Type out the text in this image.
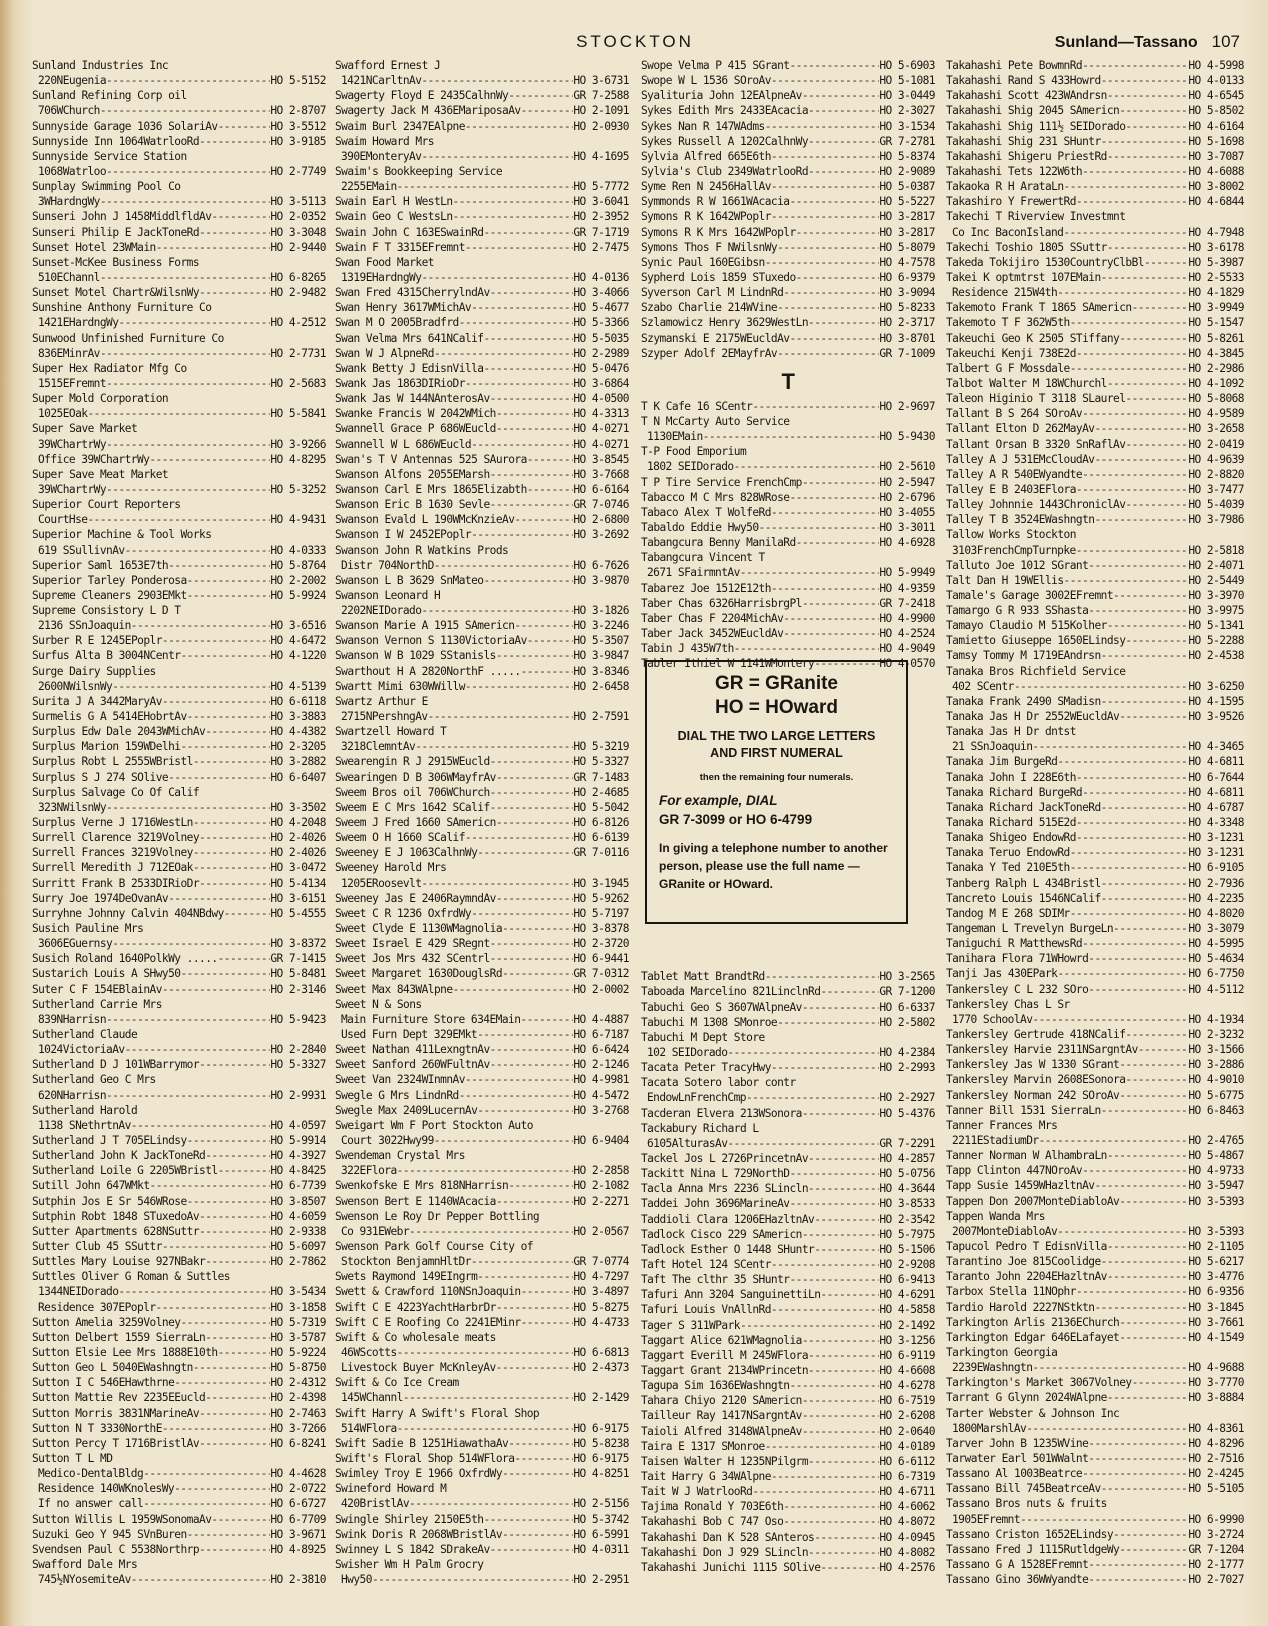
STOCKTON	Sunland—Tassano 107
Sunland Industries Inc
220NEugenia -----	HO 5-5152
Sunland Refining Corp oil
706WChurch -----	HO 2-8707
Sunnyside Garage 1036 SolariAv -----	HO 3-5512
Sunnyside Inn 1064WatrlooRd -----	HO 3-9185
Sunnyside Service Station
1068Watrloo -----	HO 2-7749
Sunplay Swimming Pool Co
3WHardngWy -----	HO 3-5113
Sunseri John J 1458MiddlfldAv -----	HO 2-0352
Sunseri Philip E JackToneRd -----	HO 3-3048
Sunset Hotel 23WMain -----	HO 2-9440
Sunset-McKee Business Forms
510EChannl -----	HO 6-8265
Sunset Motel Chartr&WilsnWy -----	HO 2-9482
Sunshine Anthony Furniture Co
1421EHardngWy -----	HO 4-2512
Sunwood Unfinished Furniture Co
836EMinrAv -----	HO 2-7731
Super Hex Radiator Mfg Co
1515EFremnt -----	HO 2-5683
Super Mold Corporation
1025EOak -----	HO 5-5841
Super Save Market
39WChartrWy -----	HO 3-9266
Office 39WChartrWy -----	HO 4-8295
Super Save Meat Market
39WChartrWy -----	HO 5-3252
Superior Court Reporters
CourtHse -----	HO 4-9431
Superior Machine & Tool Works
619 SSullivnAv -----	HO 4-0333
Superior Saml 1653E7th -----	HO 5-8764
Superior Tarley Ponderosa -----	HO 2-2002
Supreme Cleaners 2903EMkt -----	HO 5-9924
Supreme Consistory L D T
2136 SSnJoaquin -----	HO 3-6516
Surber R E 1245EPoplr -----	HO 4-6472
Surfus Alta B 3004NCentr -----	HO 4-1220
Surge Dairy Supplies
2600NWilsnWy -----	HO 4-5139
Surita J A 3442MaryAv -----	HO 6-6118
Surmelis G A 5414EHobrtAv -----	HO 3-3883
Surplus Edw Dale 2043WMichAv -----	HO 4-4382
Surplus Marion 159WDelhi -----	HO 2-3205
Surplus Robt L 2555WBristl -----	HO 3-2882
Surplus S J 274 SOlive -----	HO 6-6407
Surplus Salvage Co Of Calif
323NWilsnWy -----	HO 3-3502
Surplus Verne J 1716WestLn -----	HO 4-2048
Surrell Clarence 3219Volney -----	HO 2-4026
Surrell Frances 3219Volney -----	HO 2-4026
Surrell Meredith J 712EOak -----	HO 3-0472
Surritt Frank B 2533DIRioDr -----	HO 5-4134
Surry Joe 1974DeOvanAv -----	HO 3-6151
Surryhne Johnny Calvin 404NBdwy -----	HO 5-4555
Susich Pauline Mrs
3606EGuernsy -----	HO 3-8372
Susich Roland 1640PolkWy ..... -----	GR 7-1415
Sustarich Louis A SHwy50 -----	HO 5-8481
Suter C F 154EBlainAv -----	HO 2-3146
Sutherland Carrie Mrs
839NHarrisn -----	HO 5-9423
Sutherland Claude
1024VictoriaAv -----	HO 2-2840
Sutherland D J 101WBarrymor -----	HO 5-3327
Sutherland Geo C Mrs
620NHarrisn -----	HO 2-9931
Sutherland Harold
1138 SNethrtnAv -----	HO 4-0597
Sutherland J T 705ELindsy -----	HO 5-9914
Sutherland John K JackToneRd -----	HO 4-3927
Sutherland Loile G 2205WBristl -----	HO 4-8425
Sutill John 647WMkt -----	HO 6-7739
Sutphin Jos E Sr 546WRose -----	HO 3-8507
Sutphin Robt 1848 STuxedoAv -----	HO 4-6059
Sutter Apartments 628NSuttr -----	HO 2-9338
Sutter Club 45 SSuttr -----	HO 5-6097
Suttles Mary Louise 927NBakr -----	HO 2-7862
Suttles Oliver G Roman & Suttles
1344NEIDorado -----	HO 3-5434
Residence 307EPoplr -----	HO 3-1858
Sutton Amelia 3259Volney -----	HO 5-7319
Sutton Delbert 1559 SierraLn -----	HO 3-5787
Sutton Elsie Lee Mrs 1888E10th -----	HO 5-9224
Sutton Geo L 5040EWashngtn -----	HO 5-8750
Sutton I C 546EHawthrne -----	HO 2-4312
Sutton Mattie Rev 2235EEucld -----	HO 2-4398
Sutton Morris 3831NMarineAv -----	HO 2-7463
Sutton N T 3330NorthE -----	HO 3-7266
Sutton Percy T 1716BristlAv -----	HO 6-8241
Sutton T L MD
Medico-DentalBldg -----	HO 4-4628
Residence 140WKnolesWy -----	HO 2-0722
If no answer call -----	HO 6-6727
Sutton Willis L 1959WSonomaAv -----	HO 6-7709
Suzuki Geo Y 945 SVnBuren -----	HO 3-9671
Svendsen Paul C 5538Northrp -----	HO 4-8925
Swafford Dale Mrs
745½NYosemiteAv -----	HO 2-3810
Swafford Ernest J
1421NCarltnAv -----	HO 3-6731
Swagerty Floyd E 2435CalhnWy -----	GR 7-2588
Swagerty Jack M 436EMariposaAv -----	HO 2-1091
Swaim Burl 2347EAlpne -----	HO 2-0930
Swaim Howard Mrs
390EMonteryAv -----	HO 4-1695
Swaim's Bookkeeping Service
2255EMain -----	HO 5-7772
Swain Earl H WestLn -----	HO 3-6041
Swain Geo C WestsLn -----	HO 2-3952
Swain John C 163ESwainRd -----	GR 7-1719
Swain F T 3315EFremnt -----	HO 2-7475
Swan Food Market
1319EHardngWy -----	HO 4-0136
Swan Fred 4315CherrylndAv -----	HO 3-4066
Swan Henry 3617WMichAv -----	HO 5-4677
Swan M O 2005Bradfrd -----	HO 5-3366
Swan Velma Mrs 641NCalif -----	HO 5-5035
Swan W J AlpneRd -----	HO 2-2989
Swank Betty J EdisnVilla -----	HO 5-0476
Swank Jas 1863DIRioDr -----	HO 3-6864
Swank Jas W 144NAnterosAv -----	HO 4-0500
Swanke Francis W 2042WMich -----	HO 4-3313
Swannell Grace P 686WEucld -----	HO 4-0271
Swannell W L 686WEucld -----	HO 4-0271
Swan's T V Antennas 525 SAurora -----	HO 3-8545
Swanson Alfons 2055EMarsh -----	HO 3-7668
Swanson Carl E Mrs 1865Elizabth -----	HO 6-6164
Swanson Eric B 1630 Sevle -----	GR 7-0746
Swanson Evald L 190WMcKnzieAv -----	HO 2-6800
Swanson I W 2452EPoplr -----	HO 3-2692
Swanson John R Watkins Prods
Distr 704NorthD -----	HO 6-7626
Swanson L B 3629 SnMateo -----	HO 3-9870
Swanson Leonard H
2202NEIDorado -----	HO 3-1826
Swanson Marie A 1915 SAmericn -----	HO 3-2246
Swanson Vernon S 1130VictoriaAv -----	HO 5-3507
Swanson W B 1029 SStanisls -----	HO 3-9847
Swarthout H A 2820NorthF ..... -----	HO 3-8346
Swartt Mimi 630WWillw -----	HO 2-6458
Swartz Arthur E
2715NPershngAv -----	HO 2-7591
Swartzell Howard T
3218ClemntAv -----	HO 5-3219
Swearengin R J 2915WEucld -----	HO 5-3327
Swearingen D B 306WMayfrAv -----	GR 7-1483
Sweem Bros oil 706WChurch -----	HO 2-4685
Sweem E C Mrs 1642 SCalif -----	HO 5-5042
Sweem J Fred 1660 SAmericn -----	HO 6-8126
Sweem O H 1660 SCalif -----	HO 6-6139
Sweeney E J 1063CalhnWy -----	GR 7-0116
Sweeney Harold Mrs
1205ERoosevlt -----	HO 3-1945
Sweeney Jas E 2406RaymndAv -----	HO 5-9262
Sweet C R 1236 OxfrdWy -----	HO 5-7197
Sweet Clyde E 1130WMagnolia -----	HO 3-8378
Sweet Israel E 429 SRegnt -----	HO 2-3720
Sweet Jos Mrs 432 SCentrl -----	HO 6-9441
Sweet Margaret 1630DouglsRd -----	GR 7-0312
Sweet Max 843WAlpne -----	HO 2-0002
Sweet N & Sons
Main Furniture Store 634EMain -----	HO 4-4887
Used Furn Dept 329EMkt -----	HO 6-7187
Sweet Nathan 411LexngtnAv -----	HO 6-6424
Sweet Sanford 260WFultnAv -----	HO 2-1246
Sweet Van 2324WInmnAv -----	HO 4-9981
Swegle G Mrs LindnRd -----	HO 4-5472
Swegle Max 2409LucernAv -----	HO 3-2768
Sweigart Wm F Port Stockton Auto
Court 3022Hwy99 -----	HO 6-9404
Swendeman Crystal Mrs
322EFlora -----	HO 2-2858
Swenkofske E Mrs 818NHarrisn -----	HO 2-1082
Swenson Bert E 1140WAcacia -----	HO 2-2271
Swenson Le Roy Dr Pepper Bottling
Co 931EWebr -----	HO 2-0567
Swenson Park Golf Course City of
Stockton BenjamnHltDr -----	GR 7-0774
Swets Raymond 149EIngrm -----	HO 4-7297
Swett & Crawford 110NSnJoaquin -----	HO 3-4897
Swift C E 4223YachtHarbrDr -----	HO 5-8275
Swift C E Roofing Co 2241EMinr -----	HO 4-4733
Swift & Co wholesale meats
46WScotts -----	HO 6-6813
Livestock Buyer McKnleyAv -----	HO 2-4373
Swift & Co Ice Cream
145WChannl -----	HO 2-1429
Swift Harry A Swift's Floral Shop
514WFlora -----	HO 6-9175
Swift Sadie B 1251HiawathaAv -----	HO 5-8238
Swift's Floral Shop 514WFlora -----	HO 6-9175
Swimley Troy E 1966 OxfrdWy -----	HO 4-8251
Swineford Howard M
420BristlAv -----	HO 2-5156
Swingle Shirley 2150E5th -----	HO 5-3742
Swink Doris R 2068WBristlAv -----	HO 6-5991
Swinney L S 1842 SDrakeAv -----	HO 4-0311
Swisher Wm H Palm Grocry
Hwy50 -----	HO 2-2951
Swope Velma P 415 SGrant -----	HO 5-6903
Swope W L 1536 SOroAv -----	HO 5-1081
Syalituria John 12EAlpneAv -----	HO 3-0449
Sykes Edith Mrs 2433EAcacia -----	HO 2-3027
Sykes Nan R 147WAdms -----	HO 3-1534
Sykes Russell A 1202CalhnWy -----	GR 7-2781
Sylvia Alfred 665E6th -----	HO 5-8374
Sylvia's Club 2349WatrlooRd -----	HO 2-9089
Syme Ren N 2456HallAv -----	HO 5-0387
Symmonds R W 1661WAcacia -----	HO 5-5227
Symons R K 1642WPoplr -----	HO 3-2817
Symons R K Mrs 1642WPoplr -----	HO 3-2817
Symons Thos F NWilsnWy -----	HO 5-8079
Synic Paul 160EGibsn -----	HO 4-7578
Sypherd Lois 1859 STuxedo -----	HO 6-9379
Syverson Carl M LindnRd -----	HO 3-9094
Szabo Charlie 214WVine -----	HO 5-8233
Szlamowicz Henry 3629WestLn -----	HO 2-3717
Szymanski E 2175WEucldAv -----	HO 3-8701
Szyper Adolf 2EMayfrAv -----	GR 7-1009
T
T K Cafe 16 SCentr -----	HO 2-9697
T N McCarty Auto Service
1130EMain -----	HO 5-9430
T-P Food Emporium
1802 SEIDorado -----	HO 2-5610
T P Tire Service FrenchCmp -----	HO 2-5947
Tabacco M C Mrs 828WRose -----	HO 2-6796
Tabaco Alex T WolfeRd -----	HO 3-4055
Tabaldo Eddie Hwy50 -----	HO 3-3011
Tabangcura Benny ManilaRd -----	HO 4-6928
Tabangcura Vincent T
2671 SFairmntAv -----	HO 5-9949
Tabarez Joe 1512E12th -----	HO 4-9359
Taber Chas 6326HarrisbrgPl -----	GR 7-2418
Taber Chas F 2204MichAv -----	HO 4-9900
Taber Jack 3452WEucldAv -----	HO 4-2524
Tabin J 435W7th -----	HO 4-9049
Tabler Ithiel W 1141WMontery -----	HO 4-0570
Tablet Matt BrandtRd -----	HO 3-2565
Taboada Marcelino 821LinclnRd -----	GR 7-1200
Tabuchi Geo S 3607WAlpneAv -----	HO 6-6337
Tabuchi M 1308 SMonroe -----	HO 2-5802
Tabuchi M Dept Store
102 SEIDorado -----	HO 4-2384
Tacata Peter TracyHwy -----	HO 2-2993
Tacata Sotero labor contr
EndowLnFrenchCmp -----	HO 2-2927
Tacderan Elvera 213WSonora -----	HO 5-4376
Tackabury Richard L
6105AlturasAv -----	GR 7-2291
Tackel Jos L 2726PrincetnAv -----	HO 4-2857
Tackitt Nina L 729NorthD -----	HO 5-0756
Tacla Anna Mrs 2236 SLincln -----	HO 4-3644
Taddei John 3696MarineAv -----	HO 3-8533
Taddioli Clara 1206EHazltnAv -----	HO 2-3542
Tadlock Cisco 229 SAmericn -----	HO 5-7975
Tadlock Esther O 1448 SHuntr -----	HO 5-1506
Taft Hotel 124 SCentr -----	HO 2-9208
Taft The clthr 35 SHuntr -----	HO 6-9413
Tafuri Ann 3204 SanguinettiLn -----	HO 4-6291
Tafuri Louis VnAllnRd -----	HO 4-5858
Tager S 311WPark -----	HO 2-1492
Taggart Alice 621WMagnolia -----	HO 3-1256
Taggart Everill M 245WFlora -----	HO 6-9119
Taggart Grant 2134WPrincetn -----	HO 4-6608
Tagupa Sim 1636EWashngtn -----	HO 4-6278
Tahara Chiyo 2120 SAmericn -----	HO 6-7519
Tailleur Ray 1417NSargntAv -----	HO 2-6208
Taioli Alfred 3148WAlpneAv -----	HO 2-0640
Taira E 1317 SMonroe -----	HO 4-0189
Taisen Walter H 1235NPilgrm -----	HO 6-6112
Tait Harry G 34WAlpne -----	HO 6-7319
Tait W J WatrlooRd -----	HO 4-6711
Tajima Ronald Y 703E6th -----	HO 4-6062
Takahashi Bob C 747 Oso -----	HO 4-8072
Takahashi Dan K 528 SAnteros -----	HO 4-0945
Takahashi Don J 929 SLincln -----	HO 4-8082
Takahashi Junichi 1115 SOlive -----	HO 4-2576
Takahashi Pete BowmnRd -----	HO 4-5998
Takahashi Rand S 433Howrd -----	HO 4-0133
Takahashi Scott 423WAndrsn -----	HO 4-6545
Takahashi Shig 2045 SAmericn -----	HO 5-8502
Takahashi Shig 111½ SEIDorado -----	HO 4-6164
Takahashi Shig 231 SHuntr -----	HO 5-1698
Takahashi Shigeru PriestRd -----	HO 3-7087
Takahashi Tets 122W6th -----	HO 4-6088
Takaoka R H ArataLn -----	HO 3-8002
Takashiro Y FrewertRd -----	HO 4-6844
Takechi T Riverview Investmnt
Co Inc BaconIsland -----	HO 4-7948
Takechi Toshio 1805 SSuttr -----	HO 3-6178
Takeda Tokijiro 1530CountryClbBl -----	HO 5-3987
Takei K optmtrst 107EMain -----	HO 2-5533
Residence 215W4th -----	HO 4-1829
Takemoto Frank T 1865 SAmericn -----	HO 3-9949
Takemoto T F 362W5th -----	HO 5-1547
Takeuchi Geo K 2505 STiffany -----	HO 5-8261
Takeuchi Kenji 738E2d -----	HO 4-3845
Talbert G F Mossdale -----	HO 2-2986
Talbot Walter M 18WChurchl -----	HO 4-1092
Taleon Higinio T 3118 SLaurel -----	HO 5-8068
Tallant B S 264 SOroAv -----	HO 4-9589
Tallant Elton D 262MayAv -----	HO 3-2658
Tallant Orsan B 3320 SnRaflAv -----	HO 2-0419
Talley A J 531EMcCloudAv -----	HO 4-9639
Talley A R 540EWyandte -----	HO 2-8820
Talley E B 2403EFlora -----	HO 3-7477
Talley Johnnie 1443ChroniclAv -----	HO 5-4039
Talley T B 3524EWashngtn -----	HO 3-7986
Tallow Works Stockton
3103FrenchCmpTurnpke -----	HO 2-5818
Talluto Joe 1012 SGrant -----	HO 2-4071
Talt Dan H 19WEllis -----	HO 2-5449
Tamale's Garage 3002EFremnt -----	HO 3-3970
Tamargo G R 933 SShasta -----	HO 3-9975
Tamayo Claudio M 515Kolher -----	HO 5-1341
Tamietto Giuseppe 1650ELindsy -----	HO 5-2288
Tamsy Tommy M 1719EAndrsn -----	HO 2-4538
Tanaka Bros Richfield Service
402 SCentr -----	HO 3-6250
Tanaka Frank 2490 SMadisn -----	HO 4-1595
Tanaka Jas H Dr 2552WEucldAv -----	HO 3-9526
Tanaka Jas H Dr dntst
21 SSnJoaquin -----	HO 4-3465
Tanaka Jim BurgeRd -----	HO 4-6811
Tanaka John I 228E6th -----	HO 6-7644
Tanaka Richard BurgeRd -----	HO 4-6811
Tanaka Richard JackToneRd -----	HO 4-6787
Tanaka Richard 515E2d -----	HO 4-3348
Tanaka Shigeo EndowRd -----	HO 3-1231
Tanaka Teruo EndowRd -----	HO 3-1231
Tanaka Y Ted 210E5th -----	HO 6-9105
Tanberg Ralph L 434Bristl -----	HO 2-7936
Tancreto Louis 1546NCalif -----	HO 4-2235
Tandog M E 268 SDIMr -----	HO 4-8020
Tangeman L Trevelyn BurgeLn -----	HO 3-3079
Taniguchi R MatthewsRd -----	HO 4-5995
Tanihara Flora 71WHowrd -----	HO 5-4634
Tanji Jas 430EPark -----	HO 6-7750
Tankersley C L 232 SOro -----	HO 4-5112
Tankersley Chas L Sr
1770 SchoolAv -----	HO 4-1934
Tankersley Gertrude 418NCalif -----	HO 2-3232
Tankersley Harvie 2311NSargntAv -----	HO 3-1566
Tankersley Jas W 1330 SGrant -----	HO 3-2886
Tankersley Marvin 2608ESonora -----	HO 4-9010
Tankersley Norman 242 SOroAv -----	HO 5-6775
Tanner Bill 1531 SierraLn -----	HO 6-8463
Tanner Frances Mrs
2211EStadiumDr -----	HO 2-4765
Tanner Norman W AlhambraLn -----	HO 5-4867
Tapp Clinton 447NOroAv -----	HO 4-9733
Tapp Susie 1459WHazltnAv -----	HO 3-5947
Tappen Don 2007MonteDiabloAv -----	HO 3-5393
Tappen Wanda Mrs
2007MonteDiabloAv -----	HO 3-5393
Tapucol Pedro T EdisnVilla -----	HO 2-1105
Tarantino Joe 815Coolidge -----	HO 5-6217
Taranto John 2204EHazltnAv -----	HO 3-4776
Tarbox Stella 11NOphr -----	HO 6-9356
Tardio Harold 2227NStktn -----	HO 3-1845
Tarkington Arlis 2136EChurch -----	HO 3-7661
Tarkington Edgar 646ELafayet -----	HO 4-1549
Tarkington Georgia
2239EWashngtn -----	HO 4-9688
Tarkington's Market 3067Volney -----	HO 3-7770
Tarrant G Glynn 2024WAlpne -----	HO 3-8884
Tarter Webster & Johnson Inc
1800MarshlAv -----	HO 4-8361
Tarver John B 1235WVine -----	HO 4-8296
Tarwater Earl 501WWalnt -----	HO 2-7516
Tassano Al 1003Beatrce -----	HO 2-4245
Tassano Bill 745BeatrceAv -----	HO 5-5105
Tassano Bros nuts & fruits
1905EFremnt -----	HO 6-9990
Tassano Criston 1652ELindsy -----	HO 3-2724
Tassano Fred J 1115RutldgeWy -----	GR 7-1204
Tassano G A 1528EFremnt -----	HO 2-1777
Tassano Gino 36WWyandte -----	HO 2-7027
GR = GRanite
HO = HOward
DIAL THE TWO LARGE LETTERS
AND FIRST NUMERAL
then the remaining four numerals.
For example, DIAL
GR 7-3099 or HO 6-4799
In giving a telephone number to another person, please use the full name — GRanite or HOward.
